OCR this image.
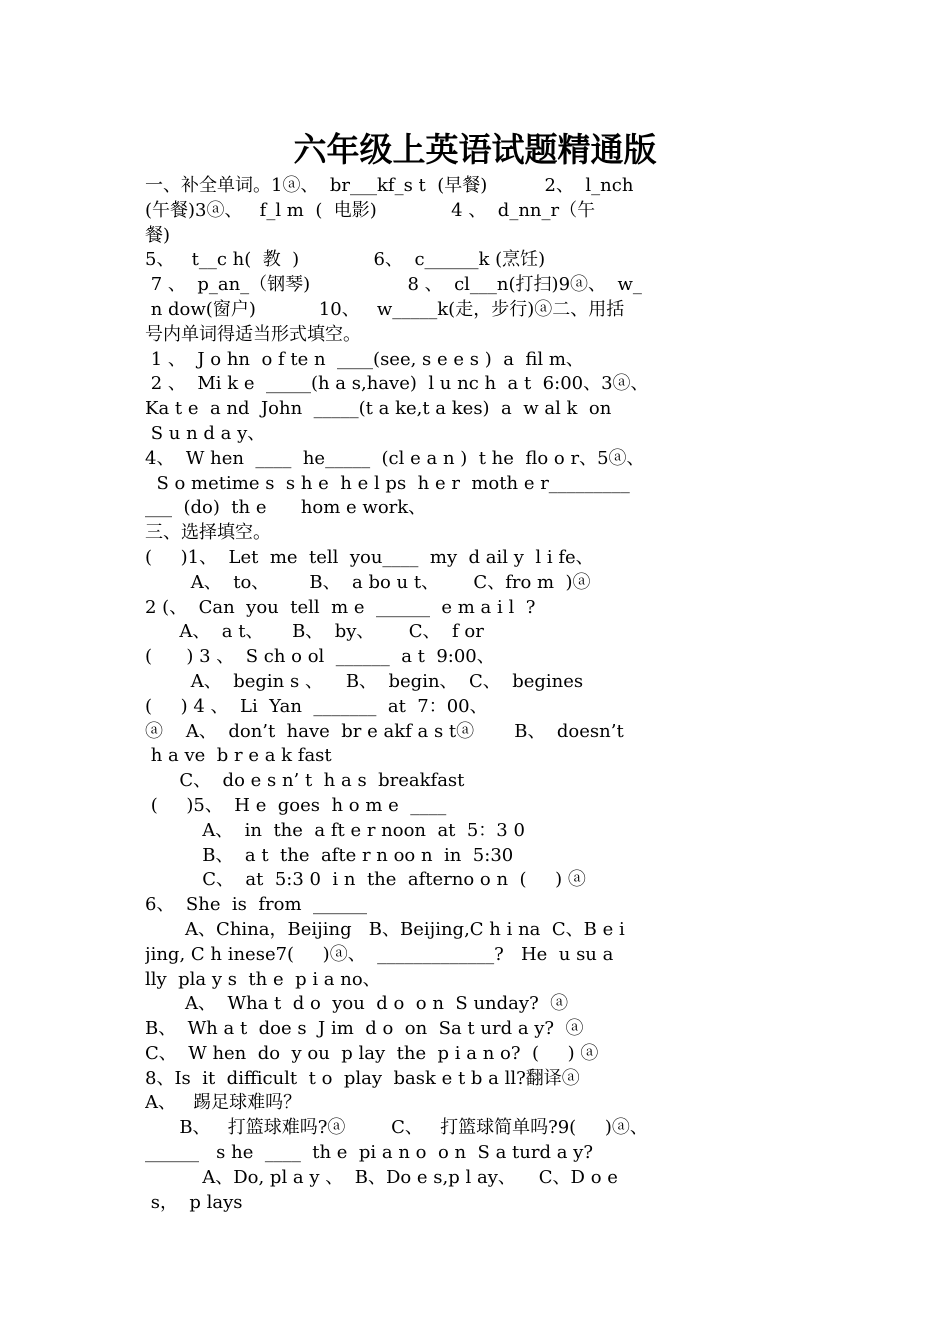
六年级上英语试题精通版
一、补全单词。1ⓐ、  br___kf_s t  (早餐)          2、  l_nch
(午餐)3ⓐ、   f_l m  (  电影)             4 、  d_nn_r（午
餐)
5、   t__c h(  教  )             6、  c______k (烹饪)
7 、  p_an_（钢琴)                 8 、  cl___n(打扫)9ⓐ、  w_
n dow(窗户)           10、   w_____k(走，步行)ⓐ二、用括
号内单词得适当形式填空。
1 、  J o hn  o f te n  ____(see, s e e s )  a  fil m、
2 、  Mi k e  _____(h a s,have)  l u nc h  a t  6:00、3ⓐ、
Ka t e  a nd  John  _____(t a ke,t a kes)  a  w al k  on
S u n d a y、
4、  W hen  ____  he_____  (cl e a n )  t he  flo o r、5ⓐ、
S o metime s  s h e  h e l ps  h e r  moth e r_________
___  (do)  th e      hom e work、
三、选择填空。
(     )1、  Let  me  tell  you____  my  d ail y  l i fe、
A、  to、       B、  a bo u t、      C、fro m  )ⓐ
2 (、  Can  you  tell  m e  ______  e m a i l  ?
A、  a t、     B、  by、      C、  f or
(      ) 3 、  S ch o ol  ______  a t  9:00、
A、  begin s 、    B、  begin、  C、  begines
(     ) 4 、  Li  Yan  _______  at  7：00、
ⓐ    A、  don’t  have  br e akf a s tⓐ       B、  doesn’t
h a ve  b r e a k fast
C、  do e s n’ t  h a s  breakfast
(     )5、  H e  goes  h o m e  ____
A、  in  the  a ft e r noon  at  5：3 0
B、  a t  the  afte r n oo n  in  5:30
C、  at  5:3 0  i n  the  afterno o n  (     ) ⓐ
6、  She  is  from  ______
A、China，Beijing   B、Beijing,C h i na  C、B e i
jing, C h inese7(     )ⓐ、  _____________?   He  u su a
lly  pla y s  th e  p i a no、
A、  Wha t  d o  you  d o  o n  S unday?  ⓐ
B、  Wh a t  doe s  J im  d o  on  Sa t urd a y?  ⓐ
C、  W hen  do  y ou  p lay  the  p i a n o?  (     ) ⓐ
8、Is  it  difficult  t o  play  bask e t b a ll?翻译ⓐ
A、   踢足球难吗？
B、   打篮球难吗?ⓐ        C、   打篮球简单吗?9(     )ⓐ、
______   s he  ____  th e  pi a n o  o n  S a turd a y?
A、Do, pl a y 、  B、Do e s,p l ay、    C、D o e
s，  p lays
